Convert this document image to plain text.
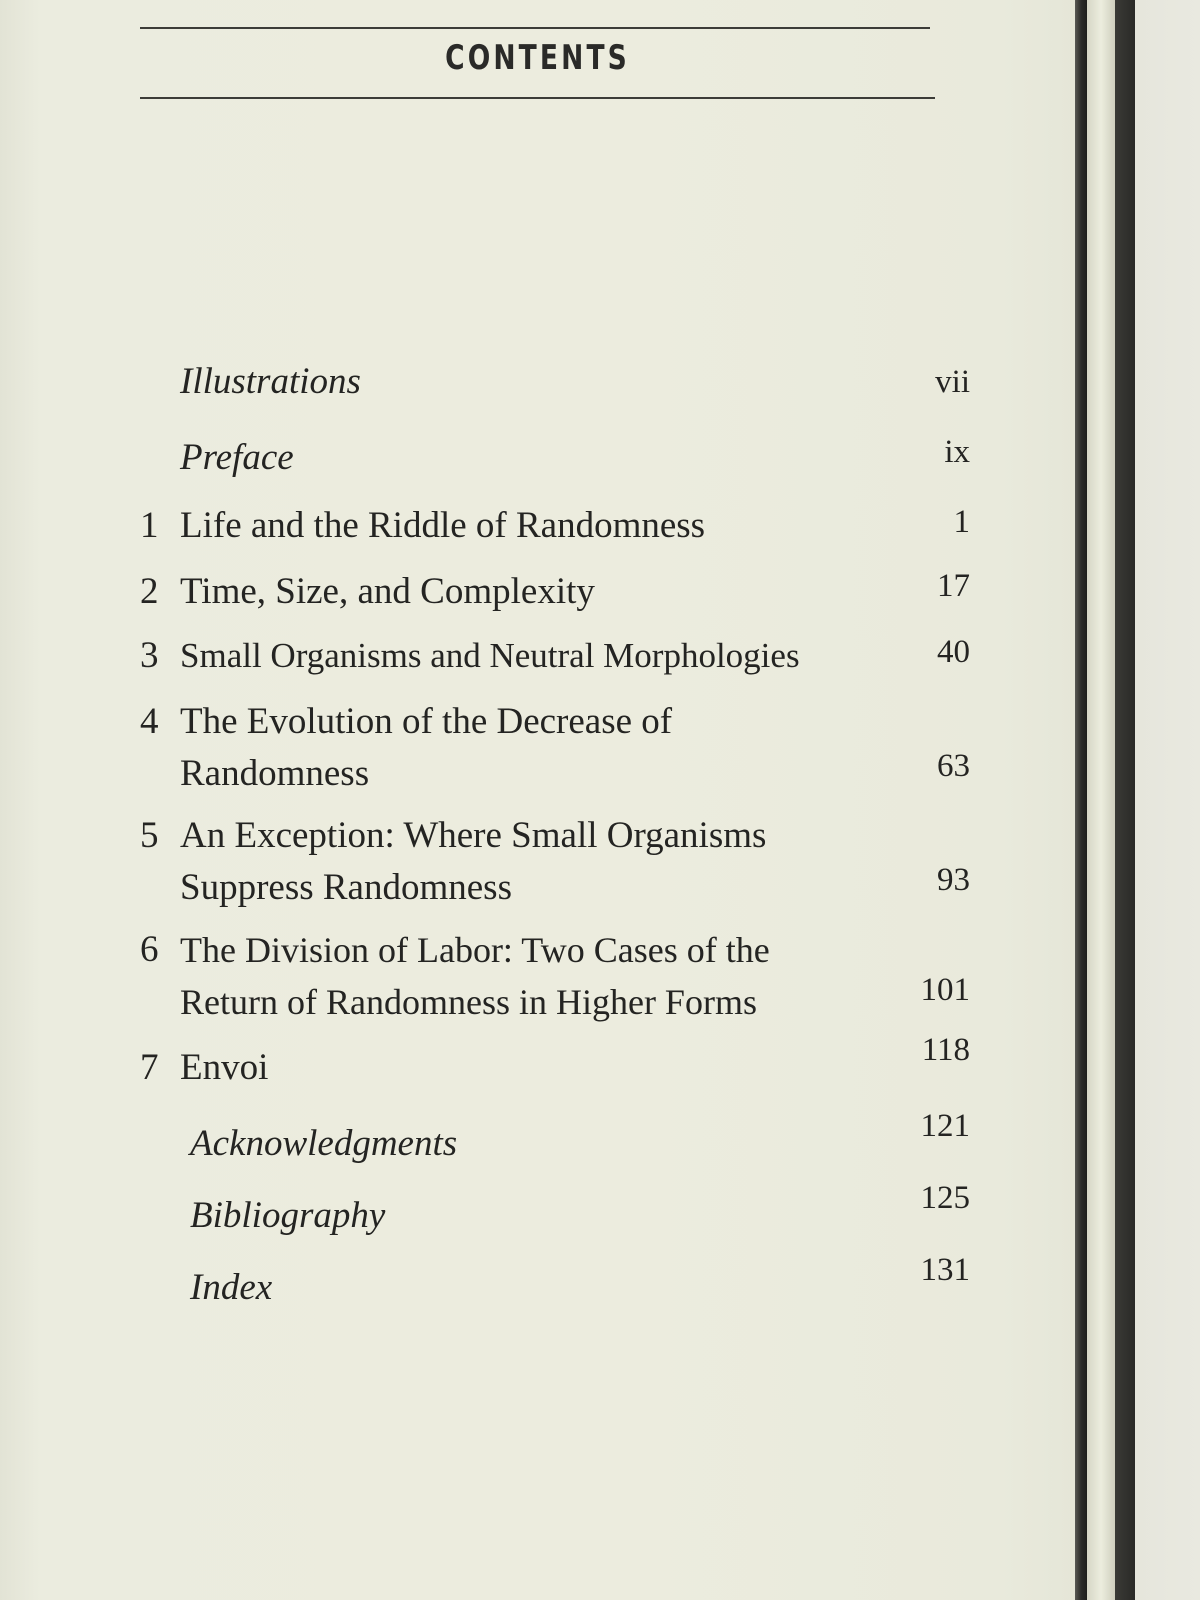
CONTENTS
Illustrations	vii
Preface	ix
1 Life and the Riddle of Randomness	1
2 Time, Size, and Complexity	17
3 Small Organisms and Neutral Morphologies	40
4 The Evolution of the Decrease of
Randomness	63
5 An Exception: Where Small Organisms
Suppress Randomness	93
6 The Division of Labor: Two Cases of the
Return of Randomness in Higher Forms	101
7 Envoi	118
Acknowledgments	121
Bibliography	125
Index	131
